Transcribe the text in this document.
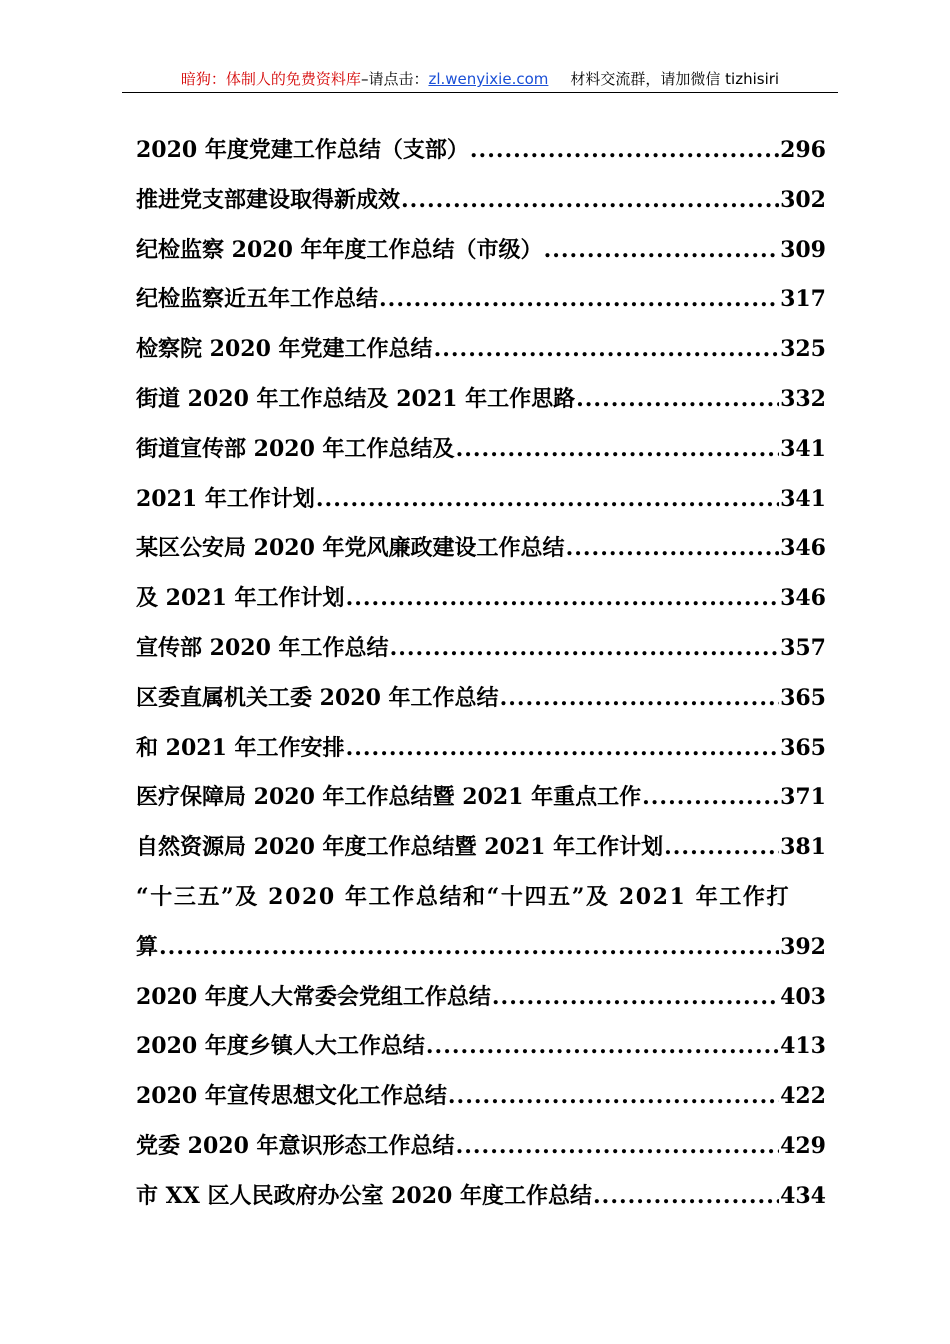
暗狗：体制人的免费资料库–请点击：zl.wenyixie.com 材料交流群，请加微信 tizhisiri
2020 年度党建工作总结（支部） .....	296
推进党支部建设取得新成效 .....	302
纪检监察 2020 年年度工作总结（市级） .....	309
纪检监察近五年工作总结 .....	317
检察院 2020 年党建工作总结 .....	325
街道 2020 年工作总结及 2021 年工作思路 .....	332
街道宣传部 2020 年工作总结及 .....	341
2021 年工作计划 .....	341
某区公安局 2020 年党风廉政建设工作总结 .....	346
及 2021 年工作计划 .....	346
宣传部 2020 年工作总结 .....	357
区委直属机关工委 2020 年工作总结 .....	365
和 2021 年工作安排 .....	365
医疗保障局 2020 年工作总结暨 2021 年重点工作 .....	371
自然资源局 2020 年度工作总结暨 2021 年工作计划 .....	381
“十三五”及 2020 年工作总结和“十四五”及 2021 年工作打
算 .....	392
2020 年度人大常委会党组工作总结 .....	403
2020 年度乡镇人大工作总结 .....	413
2020 年宣传思想文化工作总结 .....	422
党委 2020 年意识形态工作总结 .....	429
市 XX 区人民政府办公室 2020 年度工作总结 .....	434
